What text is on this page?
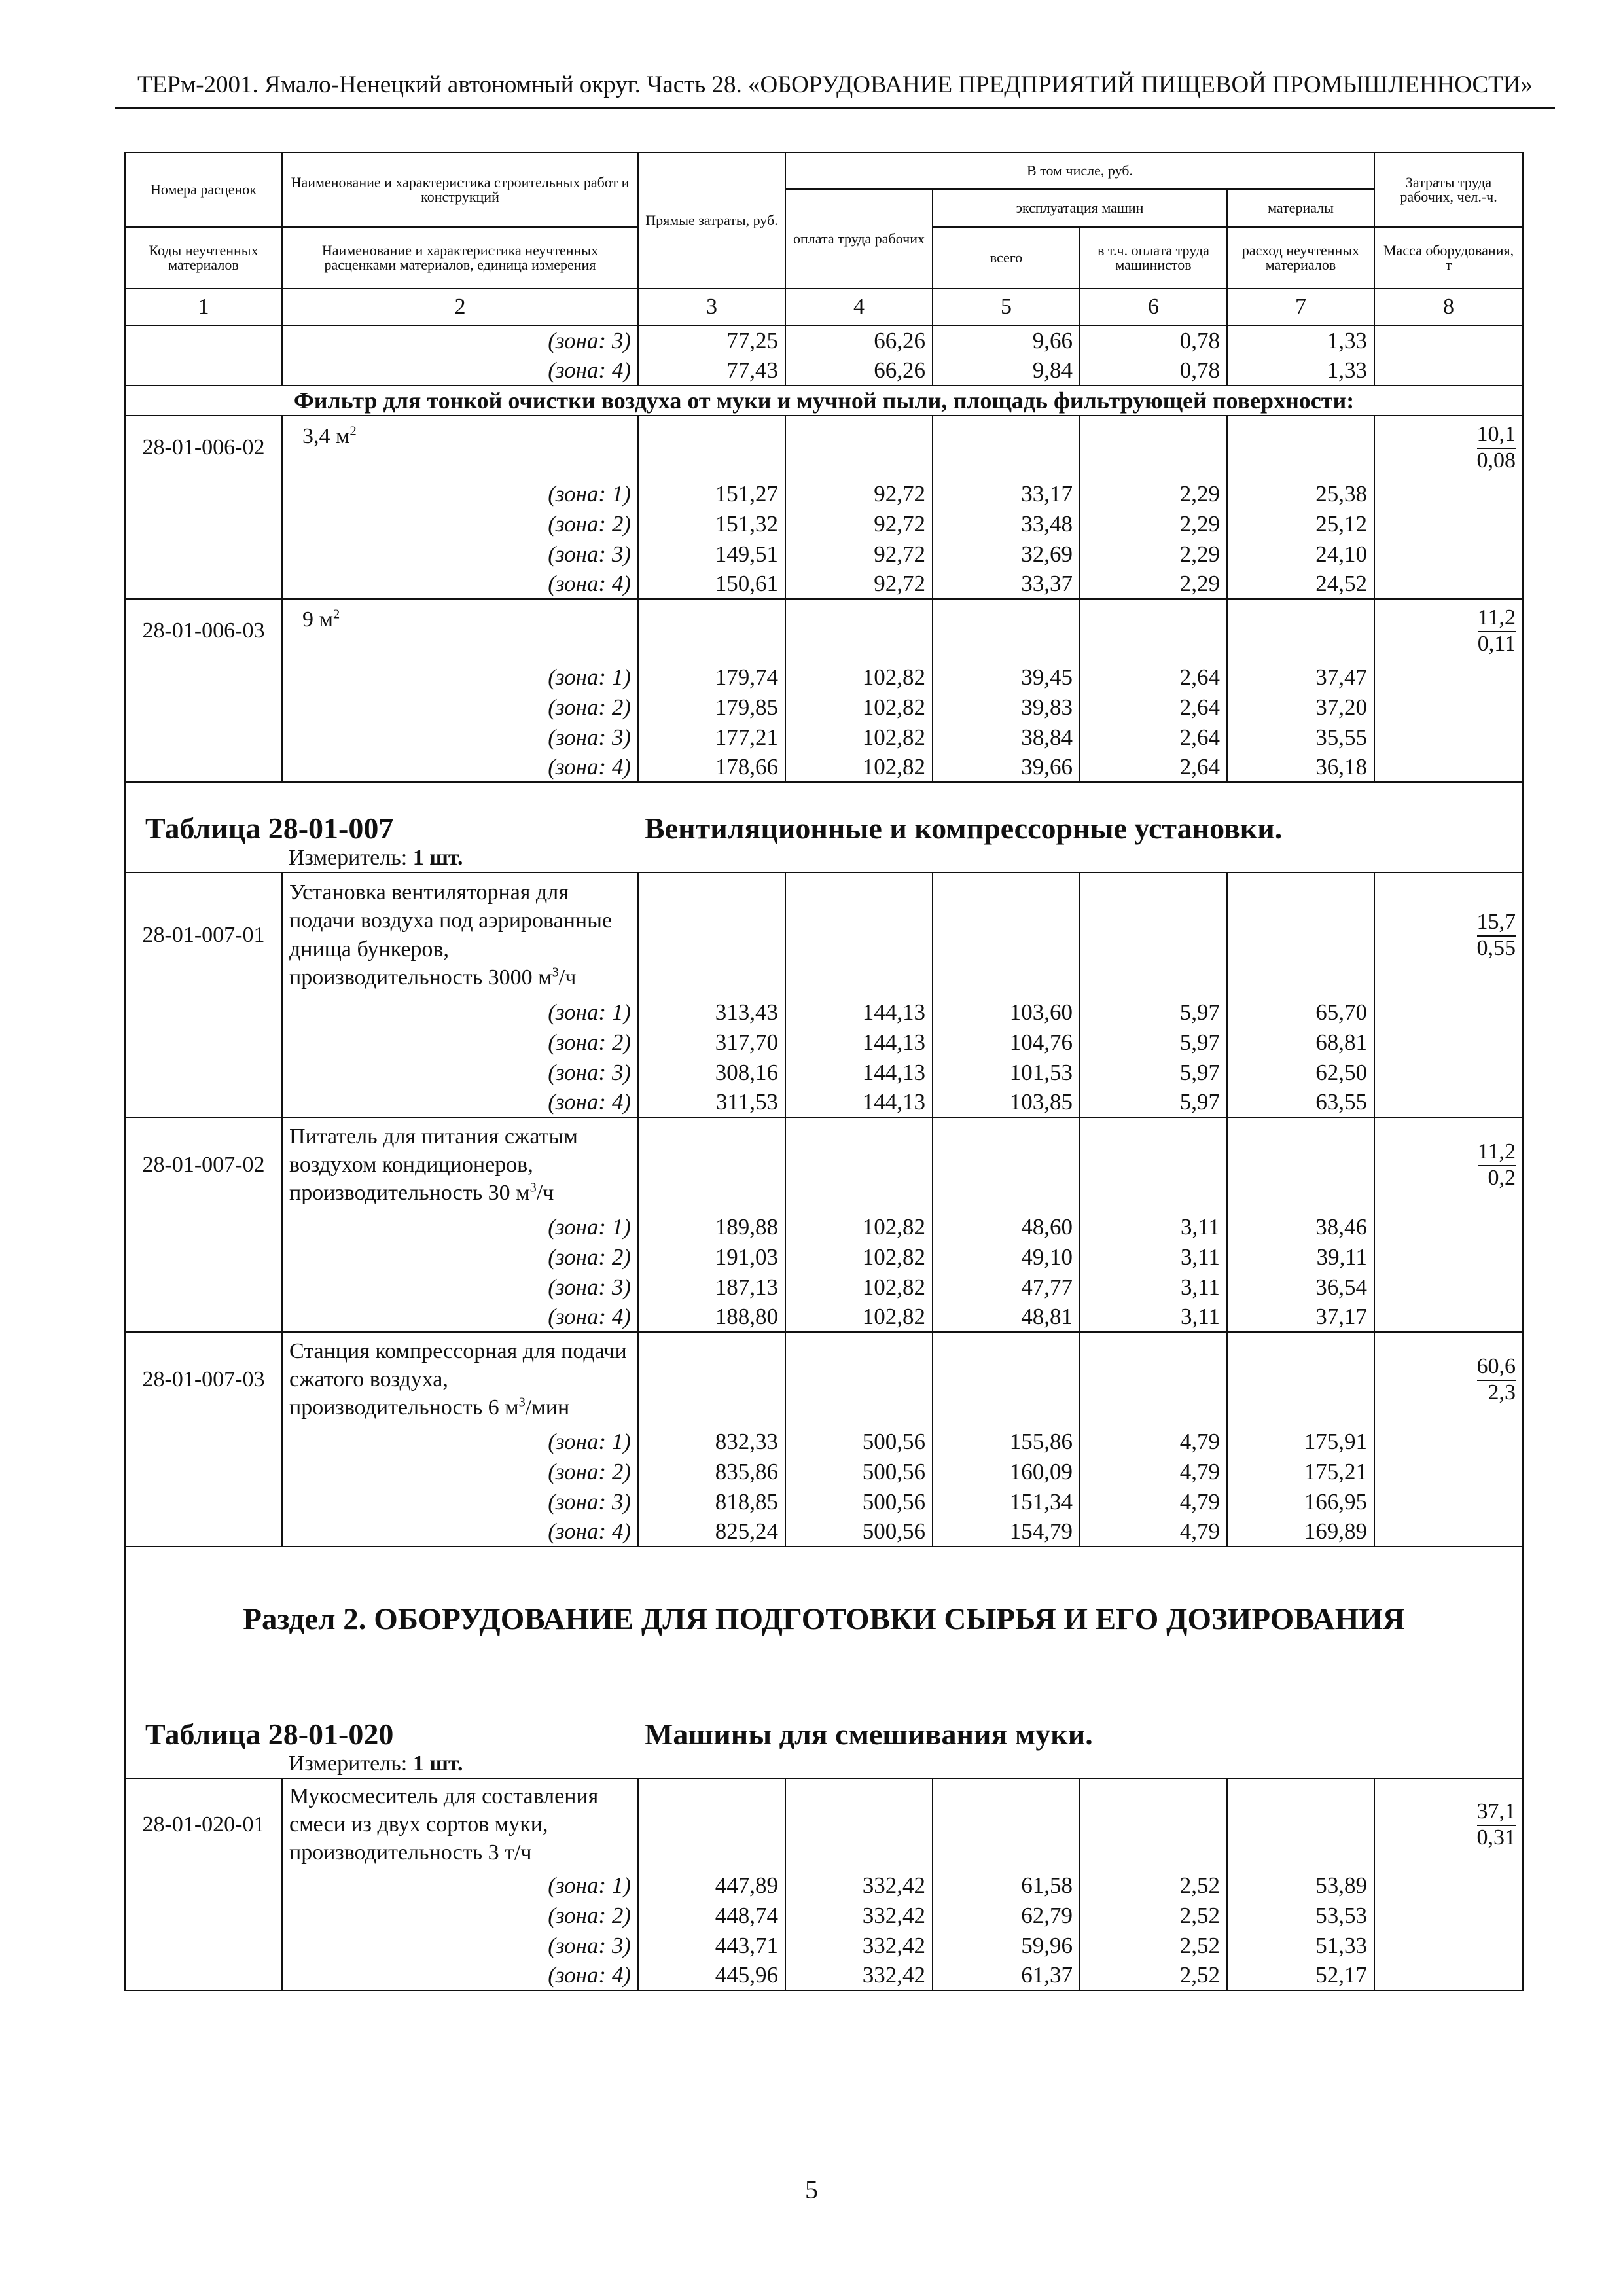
ТЕРм-2001. Ямало-Ненецкий автономный округ. Часть 28. «ОБОРУДОВАНИЕ ПРЕДПРИЯТИЙ ПИЩЕВОЙ ПРОМЫШЛЕННОСТИ»
Номера расценок	Наименование и характеристика строительных работ и конструкций	Прямые затраты, руб.	В том числе, руб.				Затраты труда рабочих, чел.-ч.
			оплата труда рабочих	эксплуатация машин		материалы	
Коды неучтенных материалов	Наименование и характеристика неучтенных расценками материалов, единица измерения			всего	в т.ч. оплата труда машинистов	расход неучтенных материалов	Масса оборудования, т
1	2	3	4	5	6	7	8
	(зона: 3)	77,25	66,26	9,66	0,78	1,33	
	(зона: 4)	77,43	66,26	9,84	0,78	1,33	
Фильтр для тонкой очистки воздуха от муки и мучной пыли, площадь фильтрующей поверхности:							
28-01-006-02	3,4 $м^2$						$\frac{10,1}{0,08}$

	(зона: 1)	151,27	92,72	33,17	2,29	25,38	
	(зона: 2)	151,32	92,72	33,48	2,29	25,12	
	(зона: 3)	149,51	92,72	32,69	2,29	24,10	
	(зона: 4)	150,61	92,72	33,37	2,29	24,52	
28-01-006-03	9 $м^2$						$\frac{11,2}{0,11}$

	(зона: 1)	179,74	102,82	39,45	2,64	37,47	
	(зона: 2)	179,85	102,82	39,83	2,64	37,20	
	(зона: 3)	177,21	102,82	38,84	2,64	35,55	
	(зона: 4)	178,66	102,82	39,66	2,64	36,18	

Таблица 28-01-007		Вентиляционные и компрессорные установки.					
	Измеритель: 1 шт.						
28-01-007-01	Установка вентиляторная для подачи воздуха под аэрированные днища бункеров, производительность 3000 $м^3/ч$						$\frac{15,7}{0,55}$

	(зона: 1)	313,43	144,13	103,60	5,97	65,70	
	(зона: 2)	317,70	144,13	104,76	5,97	68,81	
	(зона: 3)	308,16	144,13	101,53	5,97	62,50	
	(зона: 4)	311,53	144,13	103,85	5,97	63,55	
28-01-007-02	Питатель для питания сжатым воздухом кондиционеров, производительность 30 $м^3/ч$						$\frac{11,2}{0,2}$

	(зона: 1)	189,88	102,82	48,60	3,11	38,46	
	(зона: 2)	191,03	102,82	49,10	3,11	39,11	
	(зона: 3)	187,13	102,82	47,77	3,11	36,54	
	(зона: 4)	188,80	102,82	48,81	3,11	37,17	
28-01-007-03	Станция компрессорная для подачи сжатого воздуха, производительность 6 $м^3$/мин						$\frac{60,6}{2,3}$

	(зона: 1)	832,33	500,56	155,86	4,79	175,91	
	(зона: 2)	835,86	500,56	160,09	4,79	175,21	
	(зона: 3)	818,85	500,56	151,34	4,79	166,95	
	(зона: 4)	825,24	500,56	154,79	4,79	169,89	

Раздел 2. ОБОРУДОВАНИЕ ДЛЯ ПОДГОТОВКИ СЫРЬЯ И ЕГО ДОЗИРОВАНИЯ							

Таблица 28-01-020		Машины для смешивания муки.					
	Измеритель: 1 шт.						
28-01-020-01	Мукосмеситель для составления смеси из двух сортов муки, производительность 3 т/ч						$\frac{37,1}{0,31}$

	(зона: 1)	447,89	332,42	61,58	2,52	53,89	
	(зона: 2)	448,74	332,42	62,79	2,52	53,53	
	(зона: 3)	443,71	332,42	59,96	2,52	51,33	
	(зона: 4)	445,96	332,42	61,37	2,52	52,17	
5
